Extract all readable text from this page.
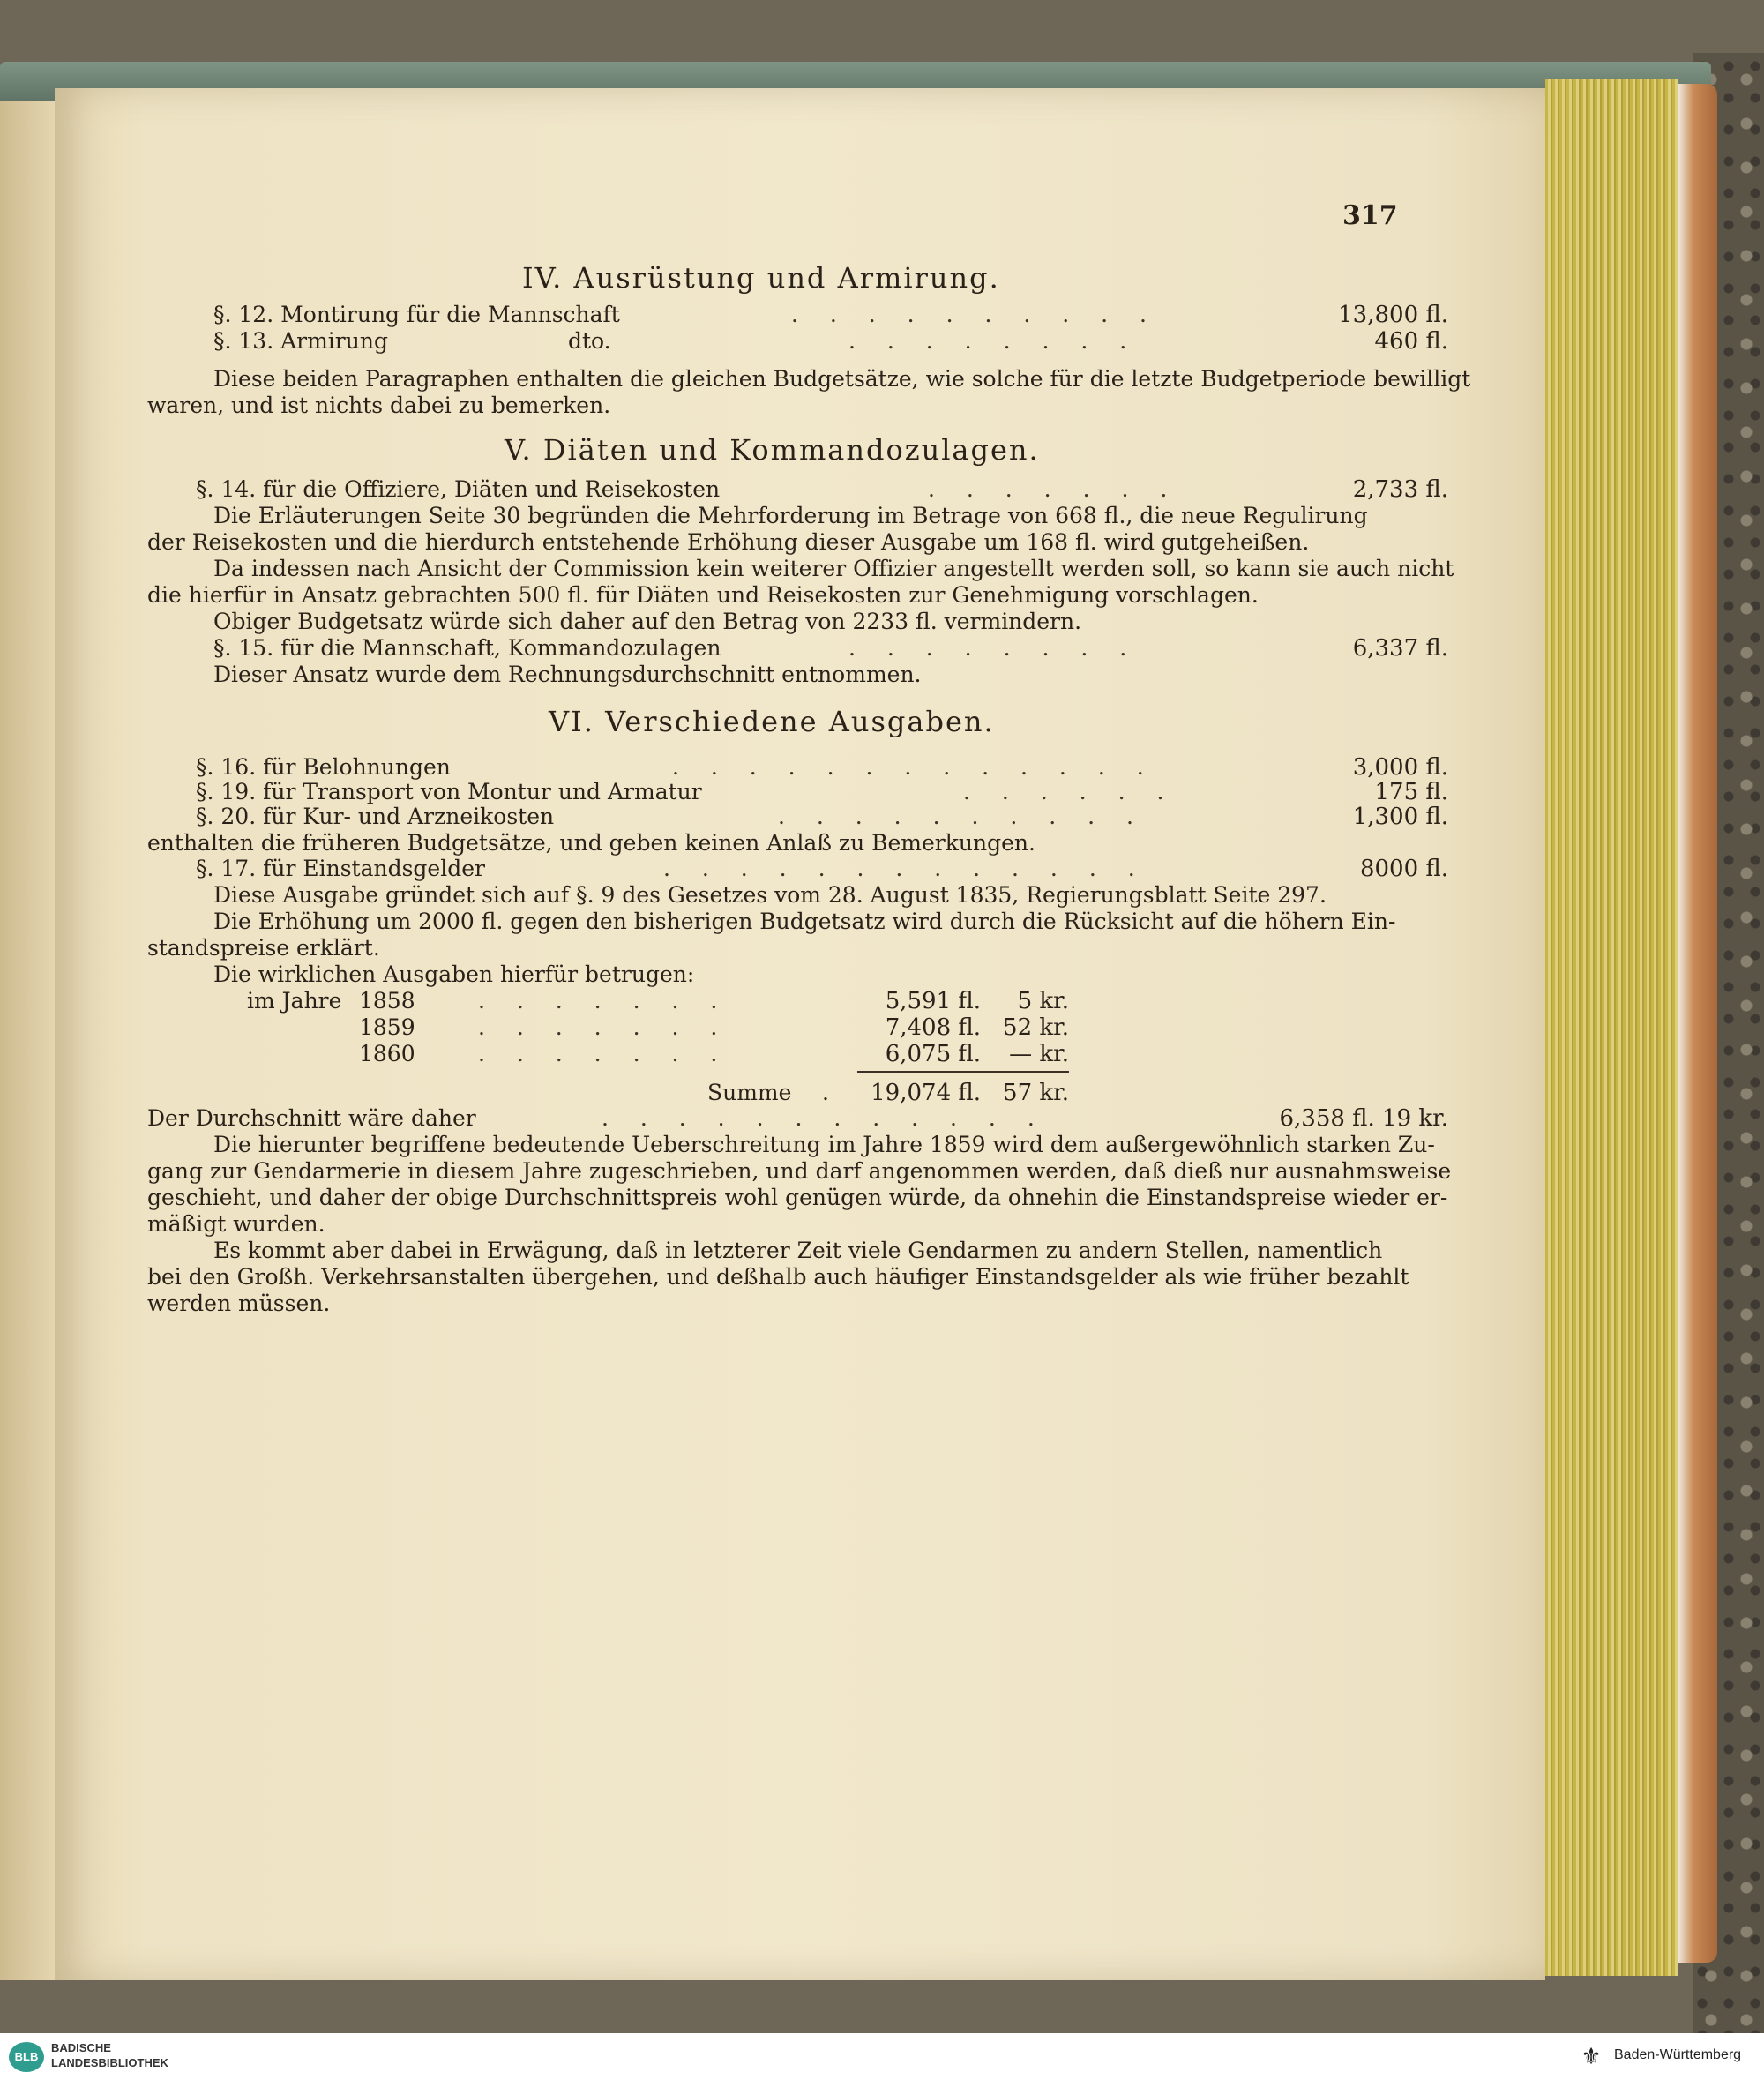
317
IV. Ausrüstung und Armirung.
§. 12. Montirung für die Mannschaft	. . . . . . . . . .	13,800 fl.
§. 13. Armirung	dto.	. . . . . . . .	460 fl.
Diese beiden Paragraphen enthalten die gleichen Budgetsätze, wie solche für die letzte Budgetperiode bewilligt
waren, und ist nichts dabei zu bemerken.
V. Diäten und Kommandozulagen.
§. 14. für die Offiziere, Diäten und Reisekosten	. . . . . . .	2,733 fl.
Die Erläuterungen Seite 30 begründen die Mehrforderung im Betrage von 668 fl., die neue Regulirung
der Reisekosten und die hierdurch entstehende Erhöhung dieser Ausgabe um 168 fl. wird gutgeheißen.
Da indessen nach Ansicht der Commission kein weiterer Offizier angestellt werden soll, so kann sie auch nicht
die hierfür in Ansatz gebrachten 500 fl. für Diäten und Reisekosten zur Genehmigung vorschlagen.
Obiger Budgetsatz würde sich daher auf den Betrag von 2233 fl. vermindern.
§. 15. für die Mannschaft, Kommandozulagen	. . . . . . . .	6,337 fl.
Dieser Ansatz wurde dem Rechnungsdurchschnitt entnommen.
VI. Verschiedene Ausgaben.
§. 16. für Belohnungen	. . . . . . . . . . . . .	3,000 fl.
§. 19. für Transport von Montur und Armatur	. . . . . .	175 fl.
§. 20. für Kur- und Arzneikosten	. . . . . . . . . .	1,300 fl.
enthalten die früheren Budgetsätze, und geben keinen Anlaß zu Bemerkungen.
§. 17. für Einstandsgelder	. . . . . . . . . . . . .	8000 fl.
Diese Ausgabe gründet sich auf §. 9 des Gesetzes vom 28. August 1835, Regierungsblatt Seite 297.
Die Erhöhung um 2000 fl. gegen den bisherigen Budgetsatz wird durch die Rücksicht auf die höhern Ein-
standspreise erklärt.
Die wirklichen Ausgaben hierfür betrugen:
im Jahre 1858	. . . . . . .	5,591 fl.	5 kr.
1859	. . . . . . .	7,408 fl. 52 kr.
1860	. . . . . . .	6,075 fl.	— kr.
Summe .	19,074 fl. 57 kr.
Der Durchschnitt wäre daher	. . . . . . . . . . . .	6,358 fl. 19 kr.
Die hierunter begriffene bedeutende Ueberschreitung im Jahre 1859 wird dem außergewöhnlich starken Zu-
gang zur Gendarmerie in diesem Jahre zugeschrieben, und darf angenommen werden, daß dieß nur ausnahmsweise
geschieht, und daher der obige Durchschnittspreis wohl genügen würde, da ohnehin die Einstandspreise wieder er-
mäßigt wurden.
Es kommt aber dabei in Erwägung, daß in letzterer Zeit viele Gendarmen zu andern Stellen, namentlich
bei den Großh. Verkehrsanstalten übergehen, und deßhalb auch häufiger Einstandsgelder als wie früher bezahlt
werden müssen.
BLB
BADISCHE
LANDESBIBLIOTHEK	⚜ Baden-Württemberg
